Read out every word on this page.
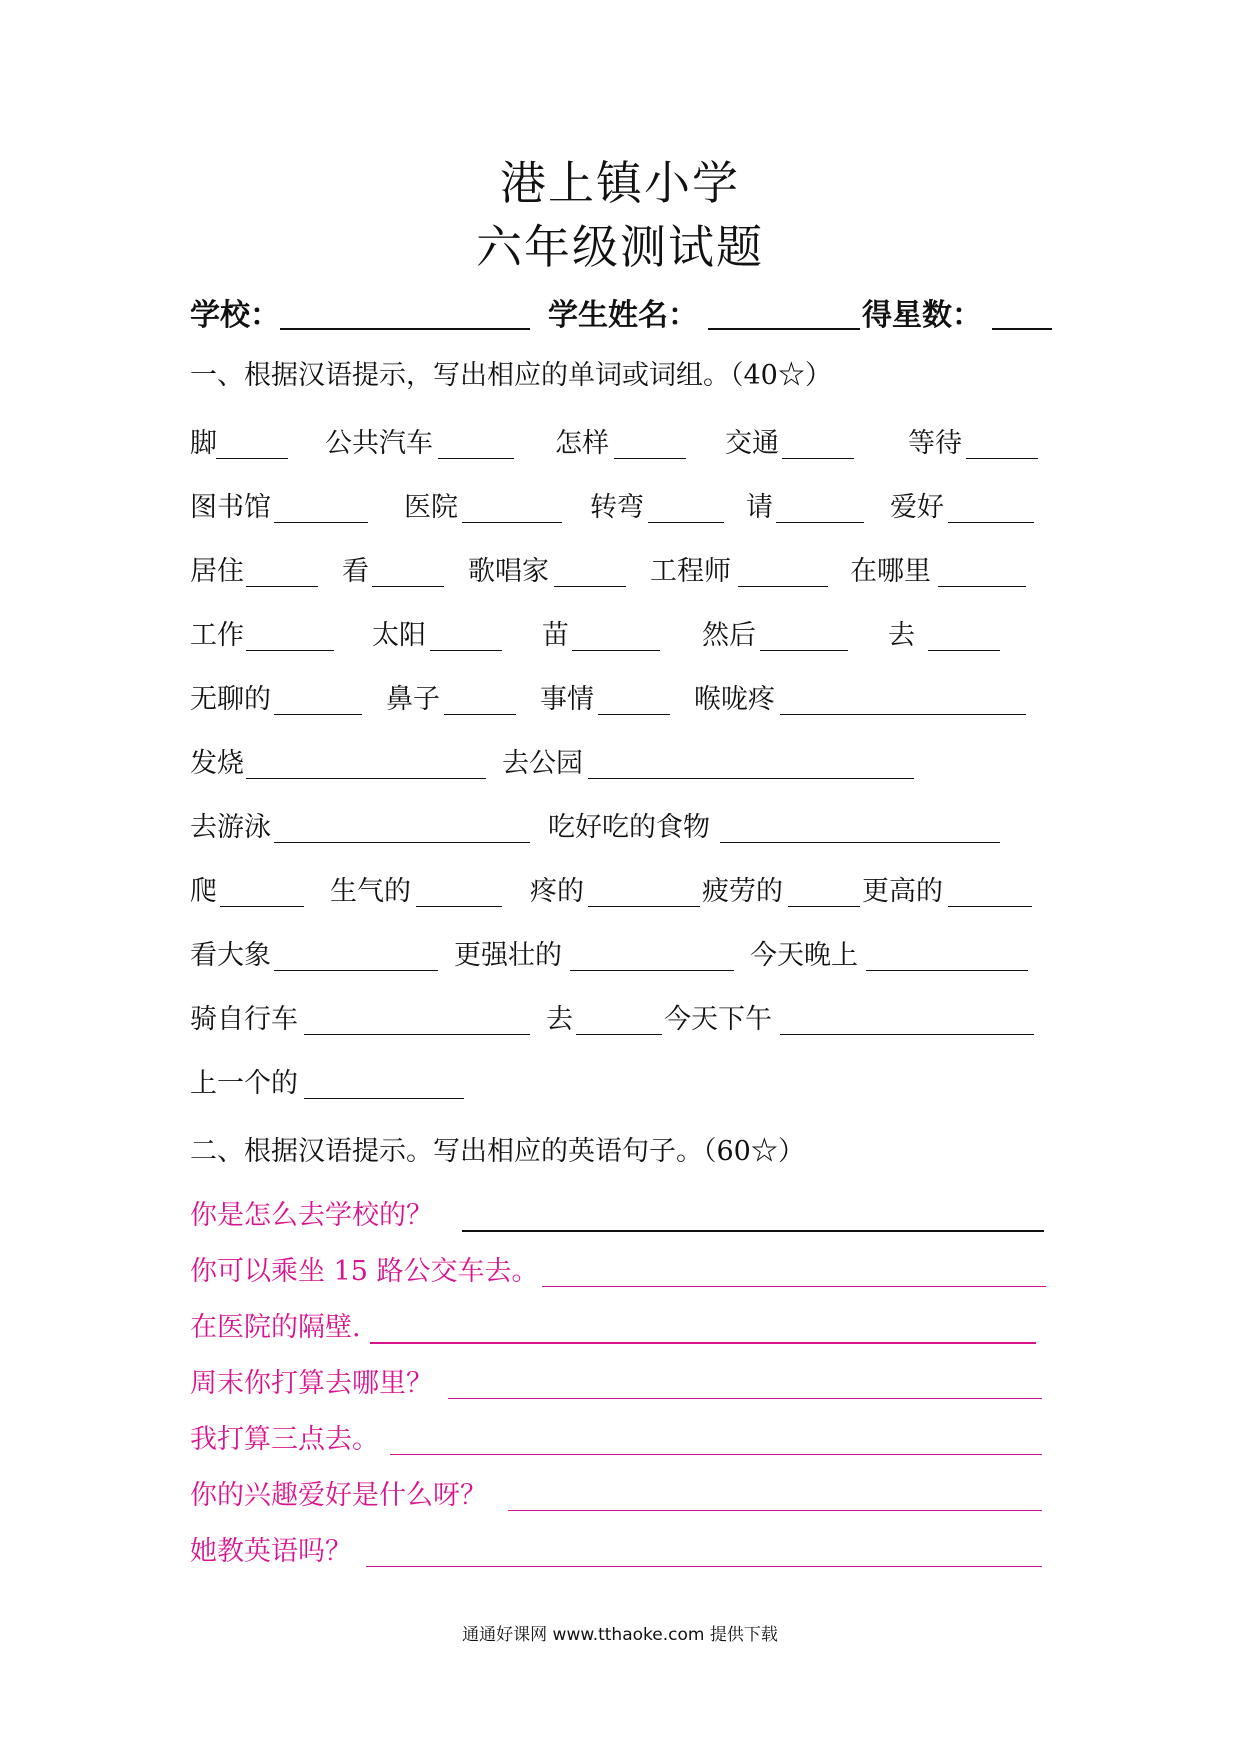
港上镇小学
六年级测试题
学校：	学生姓名：	得星数：
一、根据汉语提示，写出相应的单词或词组。（40☆）
脚	公共汽车	怎样	交通	等待
图书馆	医院	转弯	请	爱好
居住	看	歌唱家	工程师	在哪里
工作	太阳	苗	然后	去
无聊的	鼻子	事情	喉咙疼
发烧	去公园
去游泳	吃好吃的食物
爬	生气的	疼的	疲劳的	更高的
看大象	更强壮的	今天晚上
骑自行车	去	今天下午
上一个的
二、根据汉语提示。写出相应的英语句子。（60☆）
你是怎么去学校的？
你可以乘坐 15 路公交车去。
在医院的隔壁.
周末你打算去哪里？
我打算三点去。
你的兴趣爱好是什么呀？
她教英语吗？
通通好课网 www.tthaoke.com 提供下载
